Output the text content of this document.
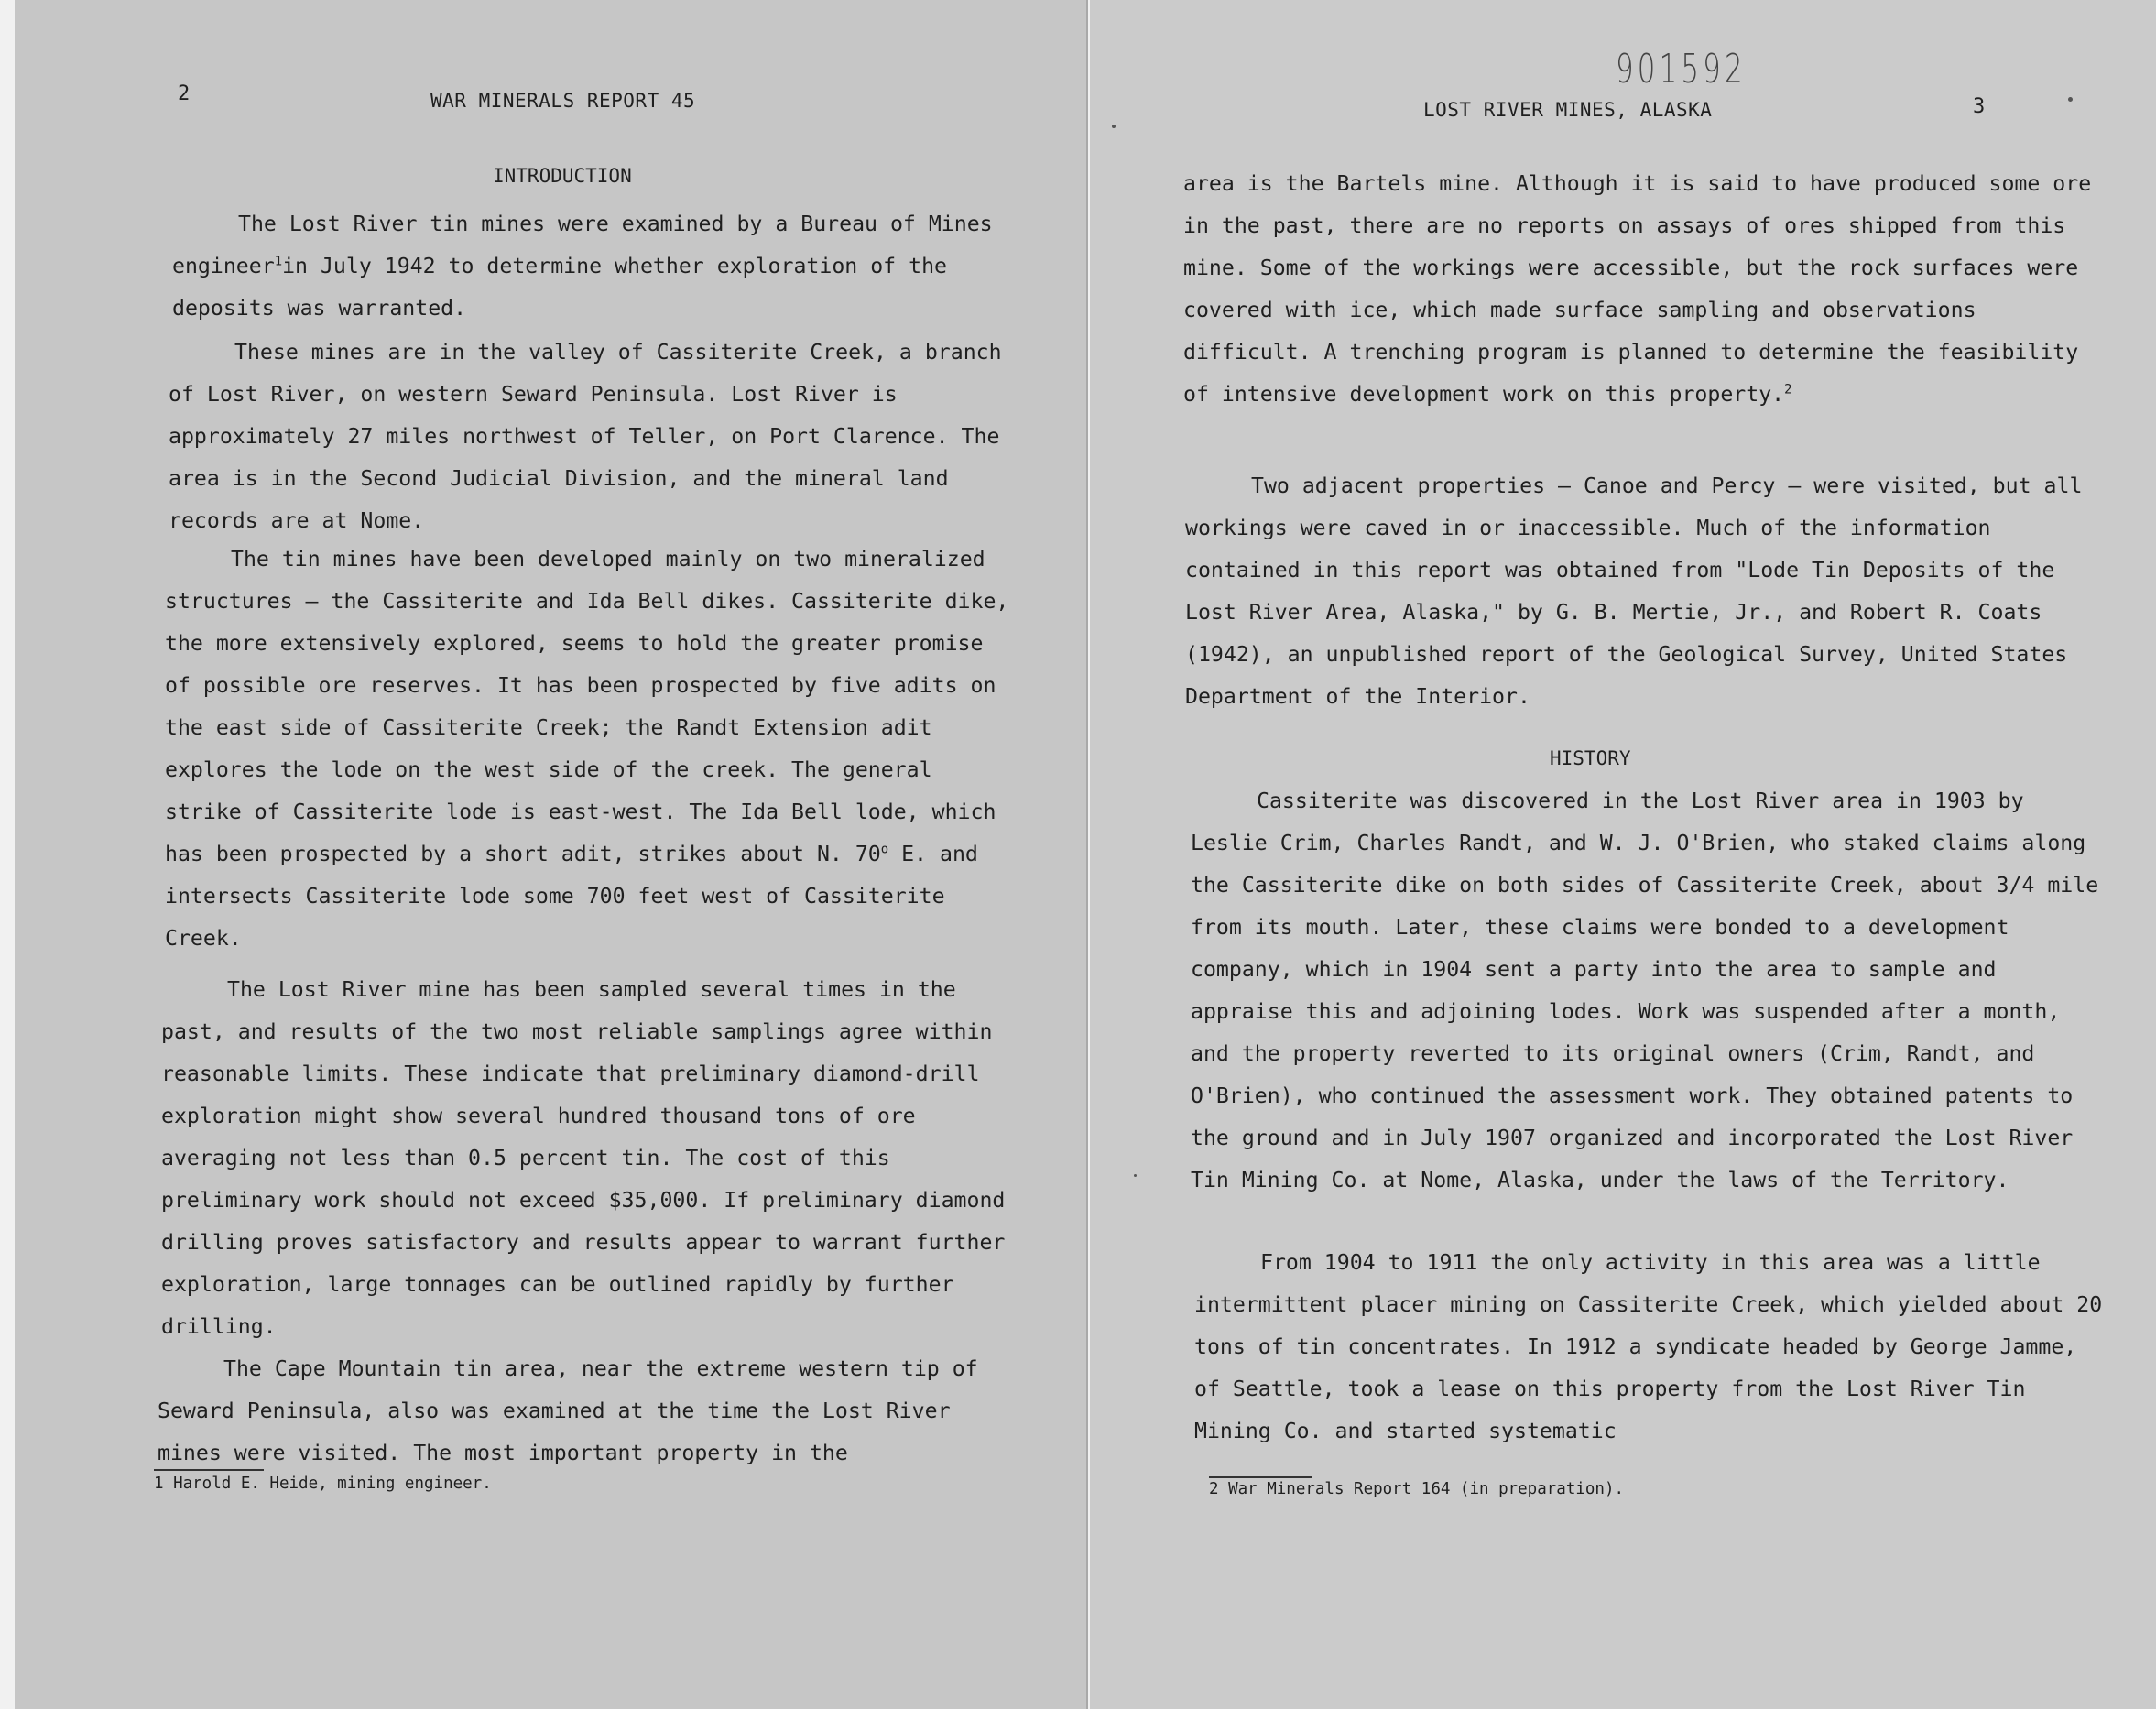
2	WAR MINERALS REPORT 45
INTRODUCTION

The Lost River tin mines were examined by a Bureau of Mines engineer$^1$in July 1942 to determine whether exploration of the deposits was warranted.

These mines are in the valley of Cassiterite Creek, a branch of Lost River, on western Seward Peninsula. Lost River is approximately 27 miles northwest of Teller, on Port Clarence. The area is in the Second Judicial Division, and the mineral land records are at Nome.

The tin mines have been developed mainly on two mineralized structures — the Cassiterite and Ida Bell dikes. Cassiterite dike, the more extensively explored, seems to hold the greater promise of possible ore reserves. It has been prospected by five adits on the east side of Cassiterite Creek; the Randt Extension adit explores the lode on the west side of the creek. The general strike of Cassiterite lode is east-west. The Ida Bell lode, which has been prospected by a short adit, strikes about N. 70$^o$ E. and intersects Cassiterite lode some 700 feet west of Cassiterite Creek.

The Lost River mine has been sampled several times in the past, and results of the two most reliable samplings agree within reasonable limits. These indicate that preliminary diamond-drill exploration might show several hundred thousand tons of ore averaging not less than 0.5 percent tin. The cost of this preliminary work should not exceed $35,000. If preliminary diamond drilling proves satisfactory and results appear to warrant further exploration, large tonnages can be outlined rapidly by further drilling.

The Cape Mountain tin area, near the extreme western tip of Seward Peninsula, also was examined at the time the Lost River mines were visited. The most important property in the

1 Harold E. Heide, mining engineer.
901592
LOST RIVER MINES, ALASKA	3

area is the Bartels mine. Although it is said to have produced some ore in the past, there are no reports on assays of ores shipped from this mine. Some of the workings were accessible, but the rock surfaces were covered with ice, which made surface sampling and observations difficult. A trenching program is planned to determine the feasibility of intensive development work on this property.$^2$

Two adjacent properties — Canoe and Percy — were visited, but all workings were caved in or inaccessible. Much of the information contained in this report was obtained from "Lode Tin Deposits of the Lost River Area, Alaska," by G. B. Mertie, Jr., and Robert R. Coats (1942), an unpublished report of the Geological Survey, United States Department of the Interior.

HISTORY

Cassiterite was discovered in the Lost River area in 1903 by Leslie Crim, Charles Randt, and W. J. O'Brien, who staked claims along the Cassiterite dike on both sides of Cassiterite Creek, about 3/4 mile from its mouth. Later, these claims were bonded to a development company, which in 1904 sent a party into the area to sample and appraise this and adjoining lodes. Work was suspended after a month, and the property reverted to its original owners (Crim, Randt, and O'Brien), who continued the assessment work. They obtained patents to the ground and in July 1907 organized and incorporated the Lost River Tin Mining Co. at Nome, Alaska, under the laws of the Territory.

From 1904 to 1911 the only activity in this area was a little intermittent placer mining on Cassiterite Creek, which yielded about 20 tons of tin concentrates. In 1912 a syndicate headed by George Jamme, of Seattle, took a lease on this property from the Lost River Tin Mining Co. and started systematic

2 War Minerals Report 164 (in preparation).
